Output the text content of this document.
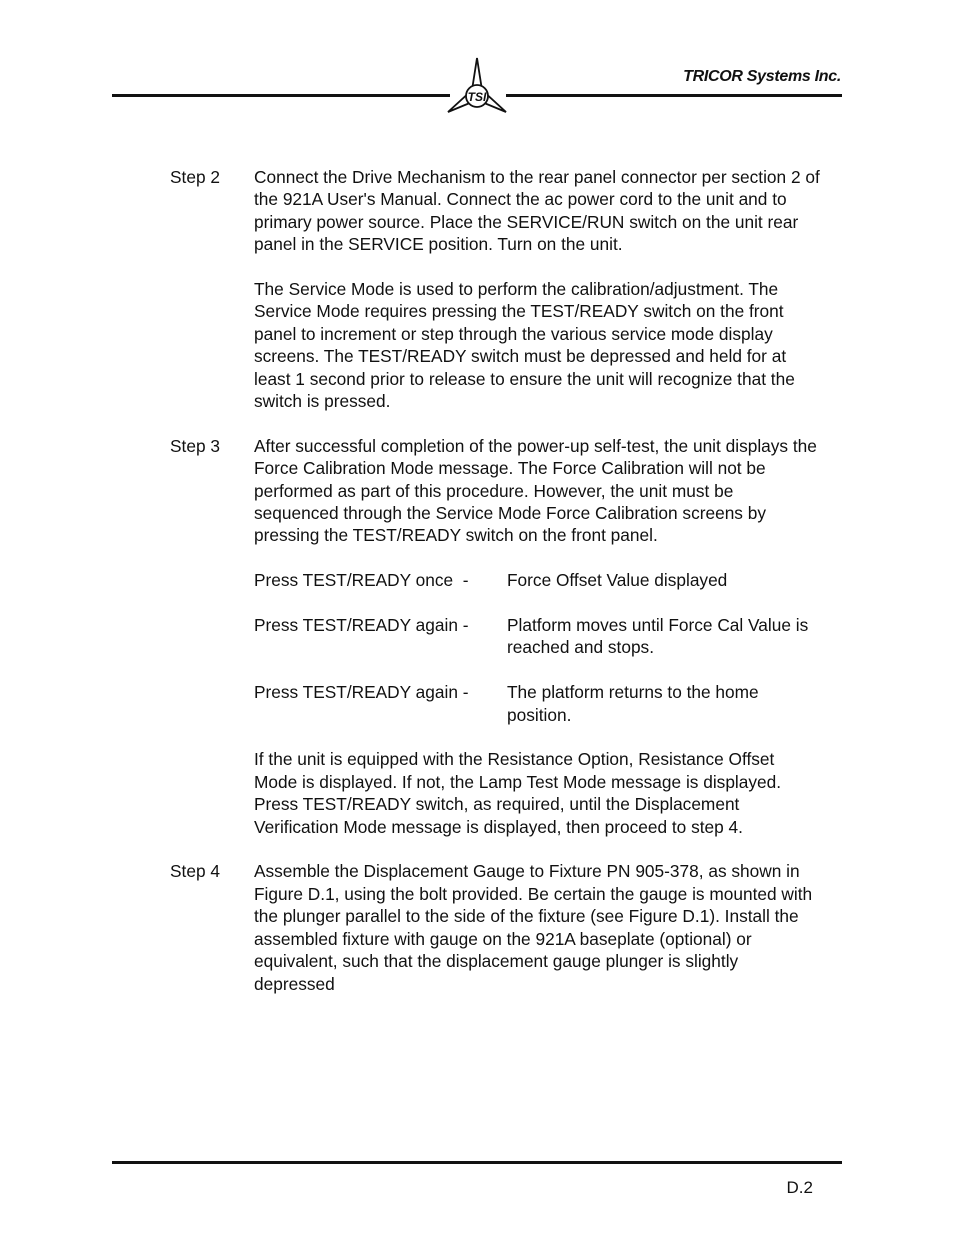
TSI
TRICOR Systems Inc.
Step 2	Connect the Drive Mechanism to the rear panel connector per section 2 of the 921A User's Manual. Connect the ac power cord to the unit and to primary power source. Place the SERVICE/RUN switch on the unit rear panel in the SERVICE position. Turn on the unit.

The Service Mode is used to perform the calibration/adjustment. The Service Mode requires pressing the TEST/READY switch on the front panel to increment or step through the various service mode display screens. The TEST/READY switch must be depressed and held for at least 1 second prior to release to ensure the unit will recognize that the switch is pressed.

Step 3	After successful completion of the power-up self-test, the unit displays the Force Calibration Mode message. The Force Calibration will not be performed as part of this procedure. However, the unit must be sequenced through the Service Mode Force Calibration screens by pressing the TEST/READY switch on the front panel.

Press TEST/READY once  -	Force Offset Value displayed
Press TEST/READY again -	Platform moves until Force Cal Value is reached and stops.
Press TEST/READY again -	The platform returns to the home position.

If the unit is equipped with the Resistance Option, Resistance Offset Mode is displayed. If not, the Lamp Test Mode message is displayed. Press TEST/READY switch, as required, until the Displacement Verification Mode message is displayed, then proceed to step 4.

Step 4	Assemble the Displacement Gauge to Fixture PN 905-378, as shown in Figure D.1, using the bolt provided. Be certain the gauge is mounted with the plunger parallel to the side of the fixture (see Figure D.1). Install the assembled fixture with gauge on the 921A baseplate (optional) or equivalent, such that the displacement gauge plunger is slightly depressed

D.2
